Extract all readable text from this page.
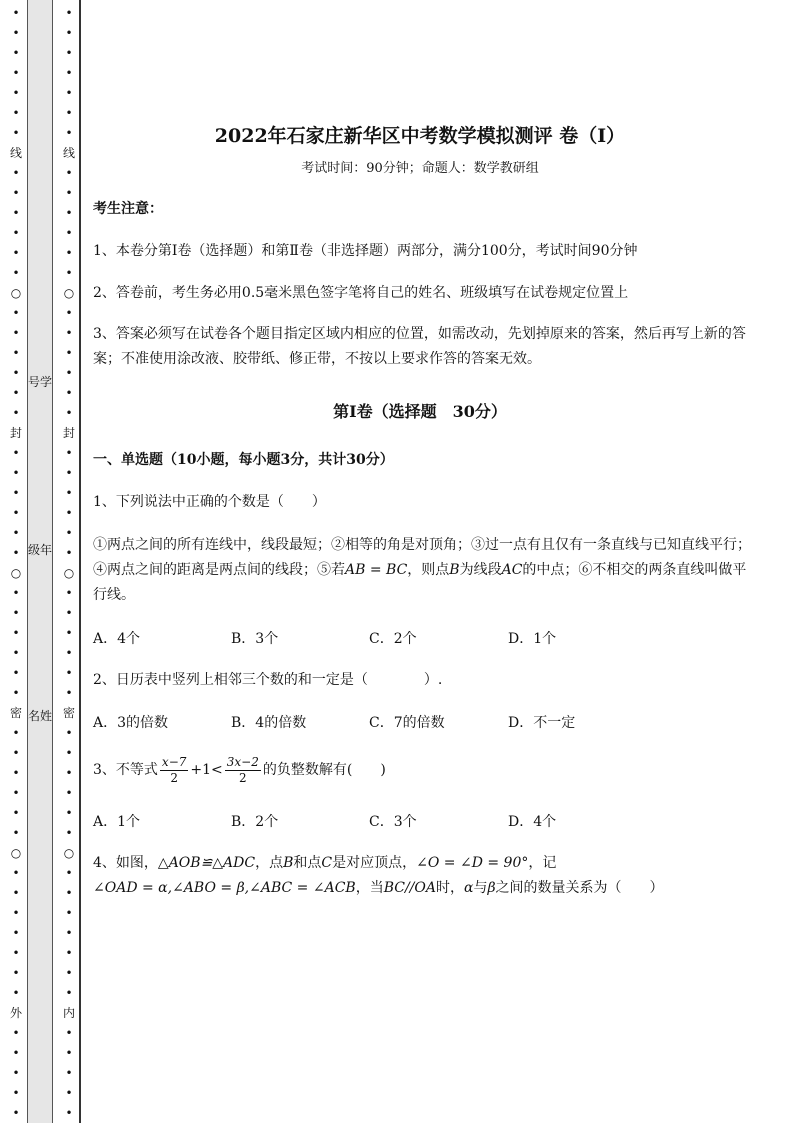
•
•
•
•
•
•
•
线
•
•
•
•
•
•
○
•
•
•
•
•
•
封
•
•
•
•
•
•
○
•
•
•
•
•
•
密
•
•
•
•
•
•
○
•
•
•
•
•
•
•
外
•
•
•
•
•
号学
级年
名姓
•
•
•
•
•
•
•
线
•
•
•
•
•
•
○
•
•
•
•
•
•
封
•
•
•
•
•
•
○
•
•
•
•
•
•
密
•
•
•
•
•
•
○
•
•
•
•
•
•
•
内
•
•
•
•
•
2022年石家庄新华区中考数学模拟测评 卷（Ⅰ）
考试时间：90分钟；命题人：数学教研组
考生注意：
1、本卷分第Ⅰ卷（选择题）和第Ⅱ卷（非选择题）两部分，满分100分，考试时间90分钟
2、答卷前，考生务必用0.5毫米黑色签字笔将自己的姓名、班级填写在试卷规定位置上
3、答案必须写在试卷各个题目指定区域内相应的位置，如需改动，先划掉原来的答案，然后再写上新的答案；不准使用涂改液、胶带纸、修正带，不按以上要求作答的答案无效。
第Ⅰ卷（选择题　30分）
一、单选题（10小题，每小题3分，共计30分）
1、下列说法中正确的个数是（　　）
①两点之间的所有连线中，线段最短；②相等的角是对顶角；③过一点有且仅有一条直线与已知直线平行；④两点之间的距离是两点间的线段；⑤若AB = BC，则点B为线段AC的中点；⑥不相交的两条直线叫做平行线。
A．4个	B．3个	C．2个	D．1个
2、日历表中竖列上相邻三个数的和一定是（　　　　）.
A．3的倍数	B．4的倍数	C．7的倍数	D．不一定
3、不等式 $\frac{x-7}{2} +1< \frac{3x-2}{2}$ 的负整数解有(　　)
A．1个	B．2个	C．3个	D．4个
4、如图，△AOB≌△ADC，点B和点C是对应顶点，∠O = ∠D = 90°，记
∠OAD = α,∠ABO = β,∠ABC = ∠ACB，当BC//OA时，α与β之间的数量关系为（　　）
